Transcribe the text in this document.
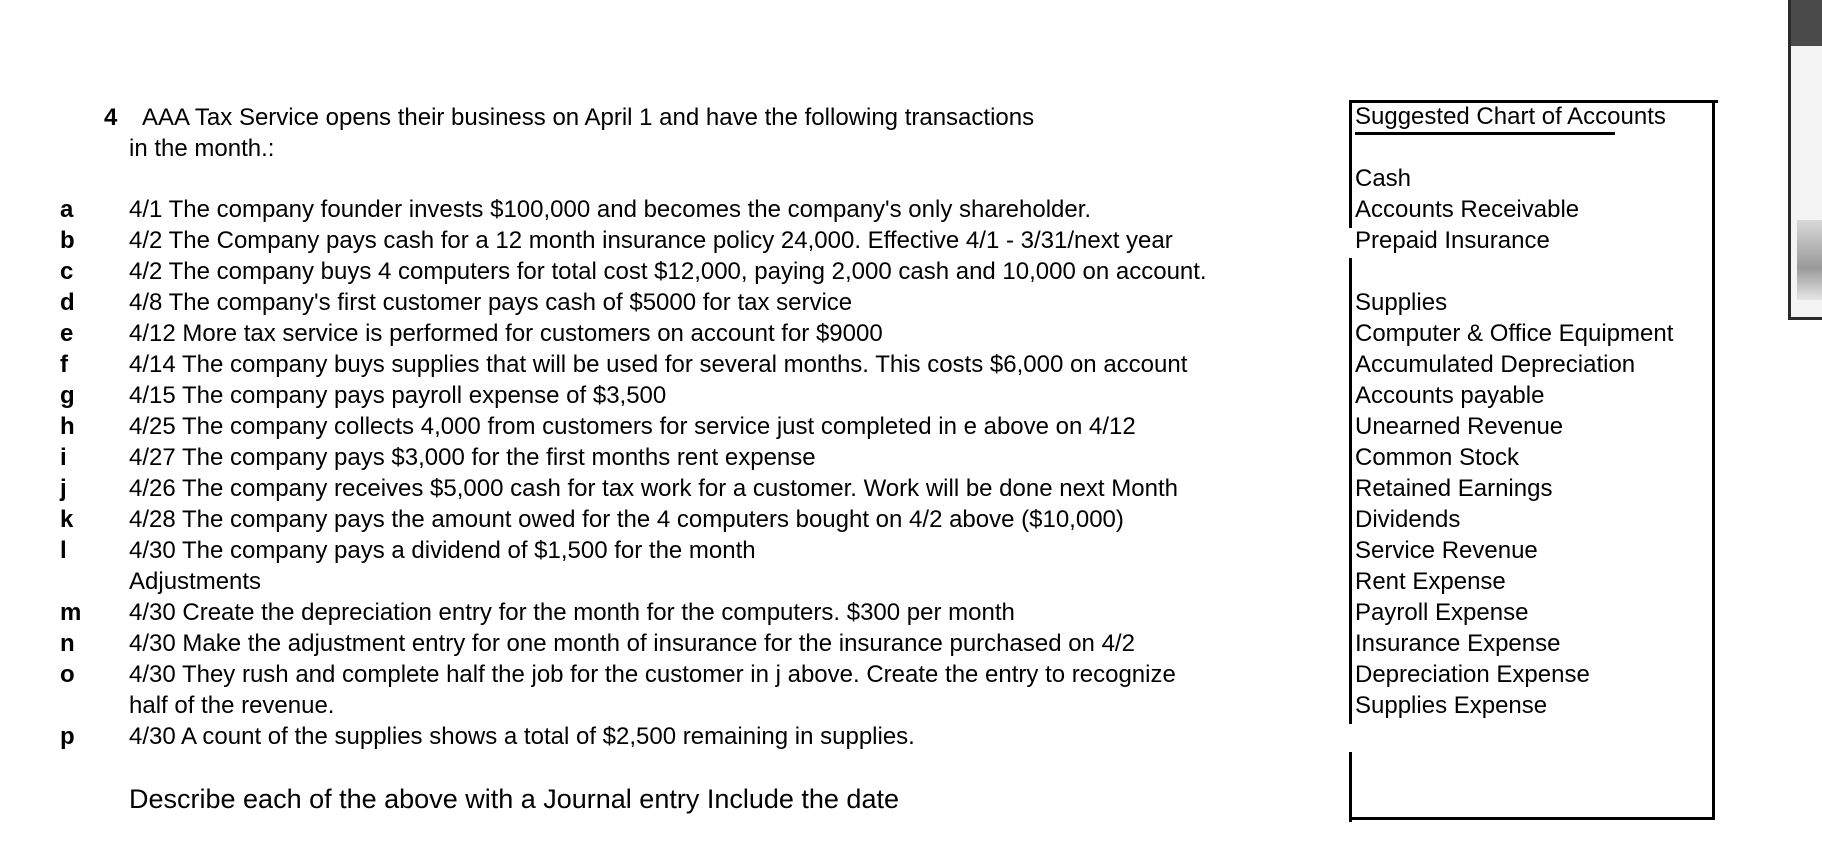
4 AAA Tax Service opens their business on April 1 and have the following transactions
in the month.:
a 4/1 The company founder invests $100,000 and becomes the company's only shareholder.
b 4/2 The Company pays cash for a 12 month insurance policy 24,000. Effective 4/1 - 3/31/next year
c 4/2 The company buys 4 computers for total cost $12,000, paying 2,000 cash and 10,000 on account.
d 4/8 The company's first customer pays cash of $5000 for tax service
e 4/12 More tax service is performed for customers on account for $9000
f	4/14 The company buys supplies that will be used for several months. This costs $6,000 on account
g 4/15 The company pays payroll expense of $3,500
h 4/25 The company collects 4,000 from customers for service just completed in e above on 4/12
i	4/27 The company pays $3,000 for the first months rent expense
j	4/26 The company receives $5,000 cash for tax work for a customer. Work will be done next Month
k 4/28 The company pays the amount owed for the 4 computers bought on 4/2 above ($10,000)
l	4/30 The company pays a dividend of $1,500 for the month
Adjustments
m 4/30 Create the depreciation entry for the month for the computers. $300 per month
n 4/30 Make the adjustment entry for one month of insurance for the insurance purchased on 4/2
o 4/30 They rush and complete half the job for the customer in j above. Create the entry to recognize
half of the revenue.
p 4/30 A count of the supplies shows a total of $2,500 remaining in supplies.
Describe each of the above with a Journal entry Include the date
Suggested Chart of Accounts
Cash
Accounts Receivable
Prepaid Insurance
Supplies
Computer & Office Equipment
Accumulated Depreciation
Accounts payable
Unearned Revenue
Common Stock
Retained Earnings
Dividends
Service Revenue
Rent Expense
Payroll Expense
Insurance Expense
Depreciation Expense
Supplies Expense
